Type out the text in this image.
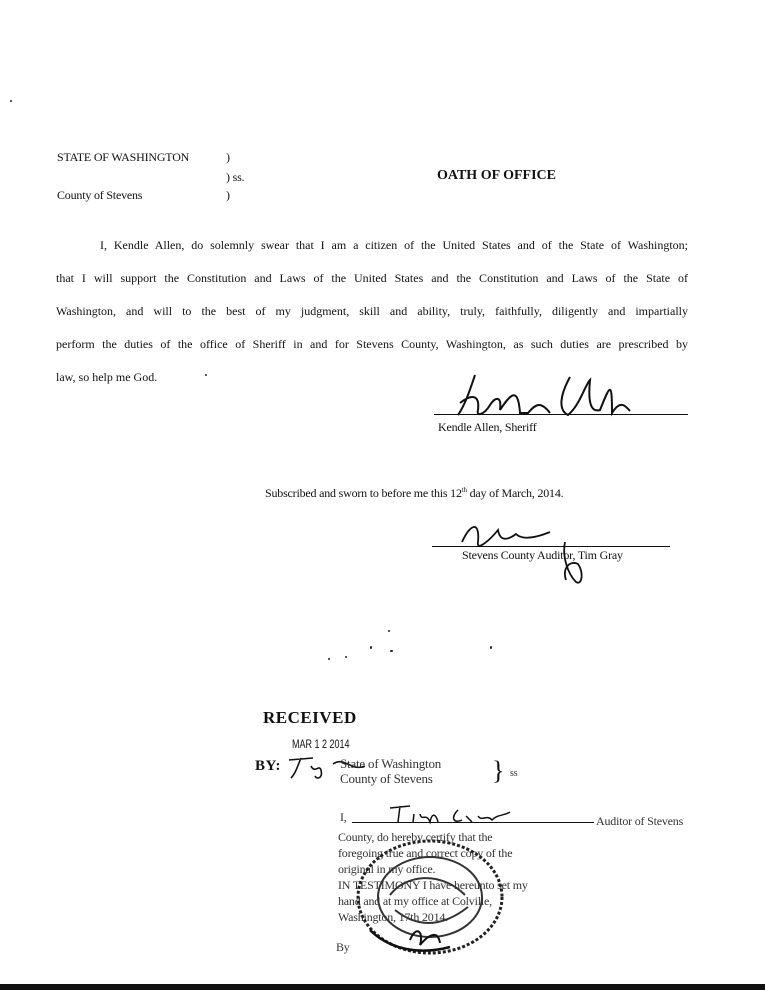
STATE OF WASHINGTON	)
) ss.
County of Stevens	)
OATH OF OFFICE
I, Kendle Allen, do solemnly swear that I am a citizen of the United States and of the State of Washington;
that I will support the Constitution and Laws of the United States and the Constitution and Laws of the State of
Washington, and will to the best of my judgment, skill and ability, truly, faithfully, diligently and impartially
perform the duties of the office of Sheriff in and for Stevens County, Washington, as such duties are prescribed by
law, so help me God.
Kendle Allen, Sheriff
Subscribed and sworn to before me this 12th day of March, 2014.
Stevens County Auditor, Tim Gray
RECEIVED
MAR 1 2 2014
BY:	State of Washington
County of Stevens } ss
I,	Auditor of Stevens
County, do hereby certify that the
foregoing true and correct copy of the
original in my office.
IN TESTIMONY I have hereunto set my
hand and at my office at Colville,
Washington, 17th 2014.
By
